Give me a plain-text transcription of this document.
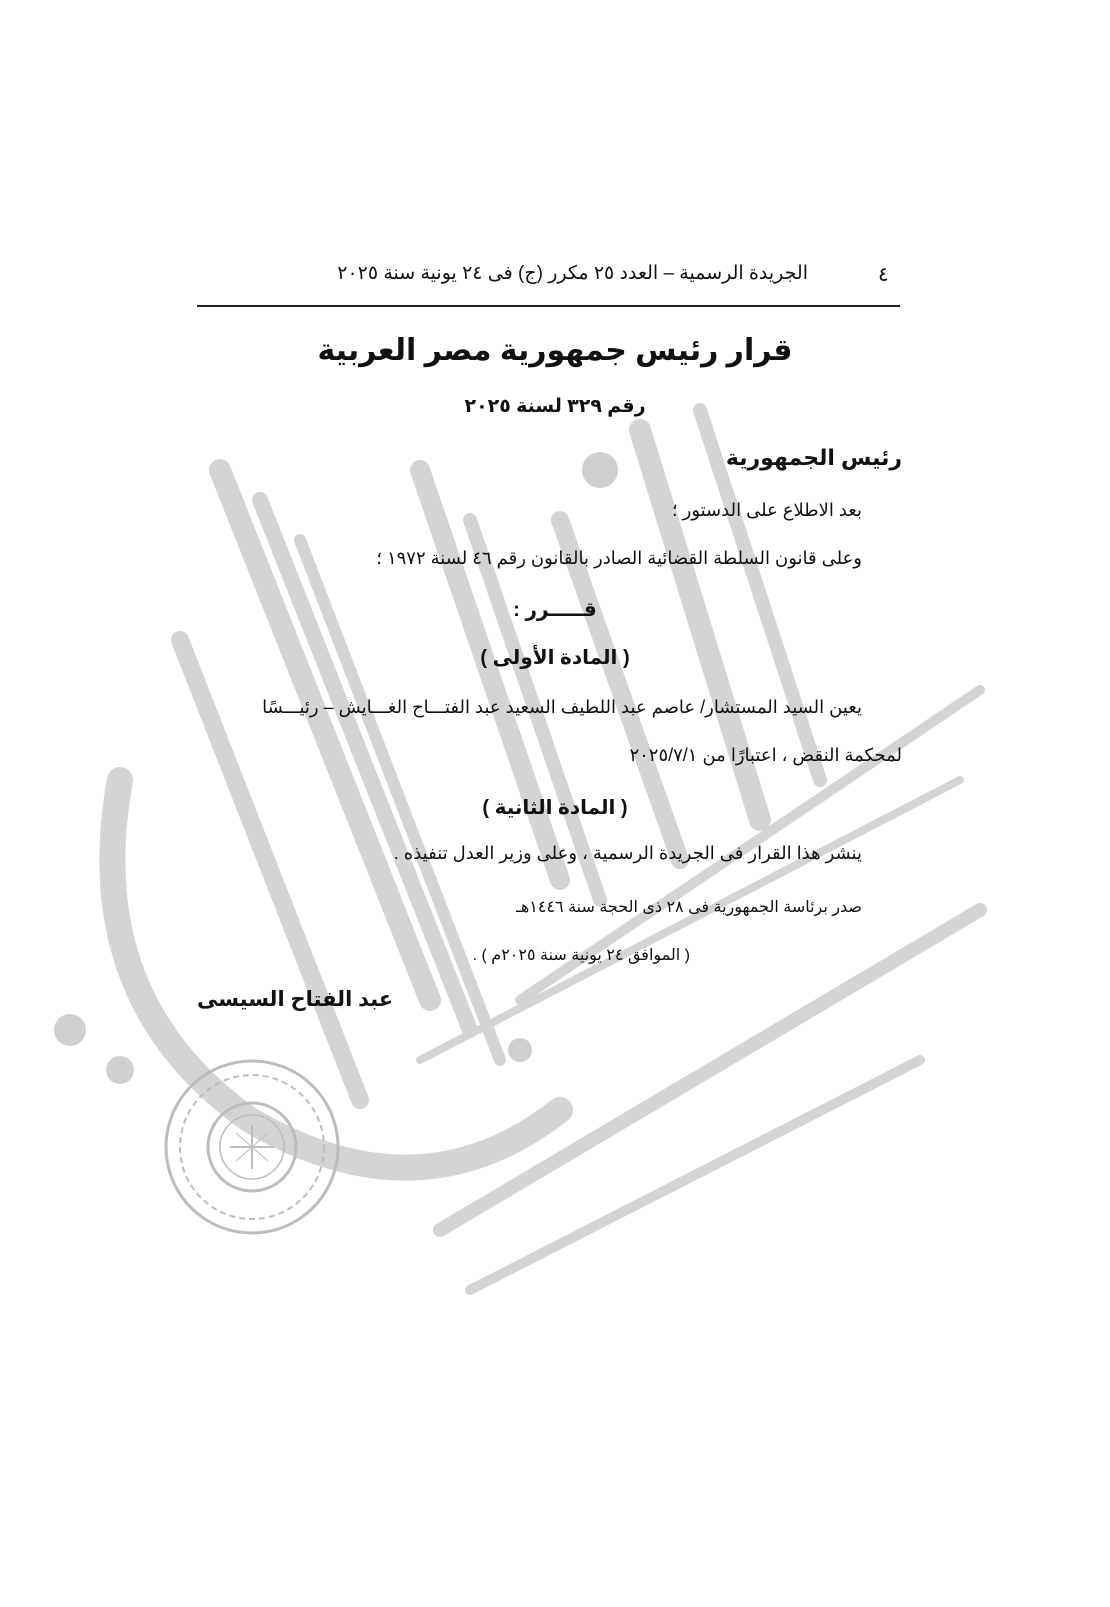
٤
الجريدة الرسمية – العدد ٢٥ مكرر (ج) فى ٢٤ يونية سنة ٢٠٢٥
قرار رئيس جمهورية مصر العربية
رقم ٣٢٩ لسنة ٢٠٢٥
رئيس الجمهورية
بعد الاطلاع على الدستور ؛
وعلى قانون السلطة القضائية الصادر بالقانون رقم ٤٦ لسنة ١٩٧٢ ؛
قـــــرر :
( المادة الأولى )
يعين السيد المستشار/ عاصم عبد اللطيف السعيد عبد الفتـــاح الغـــايش – رئيـــسًا
لمحكمة النقض ، اعتبارًا من ٢٠٢٥/٧/١
( المادة الثانية )
ينشر هذا القرار فى الجريدة الرسمية ، وعلى وزير العدل تنفيذه .
صدر برئاسة الجمهورية فى ٢٨ ذى الحجة سنة ١٤٤٦هـ
( الموافق ٢٤ يونية سنة ٢٠٢٥م ) .
عبد الفتاح السيسى
